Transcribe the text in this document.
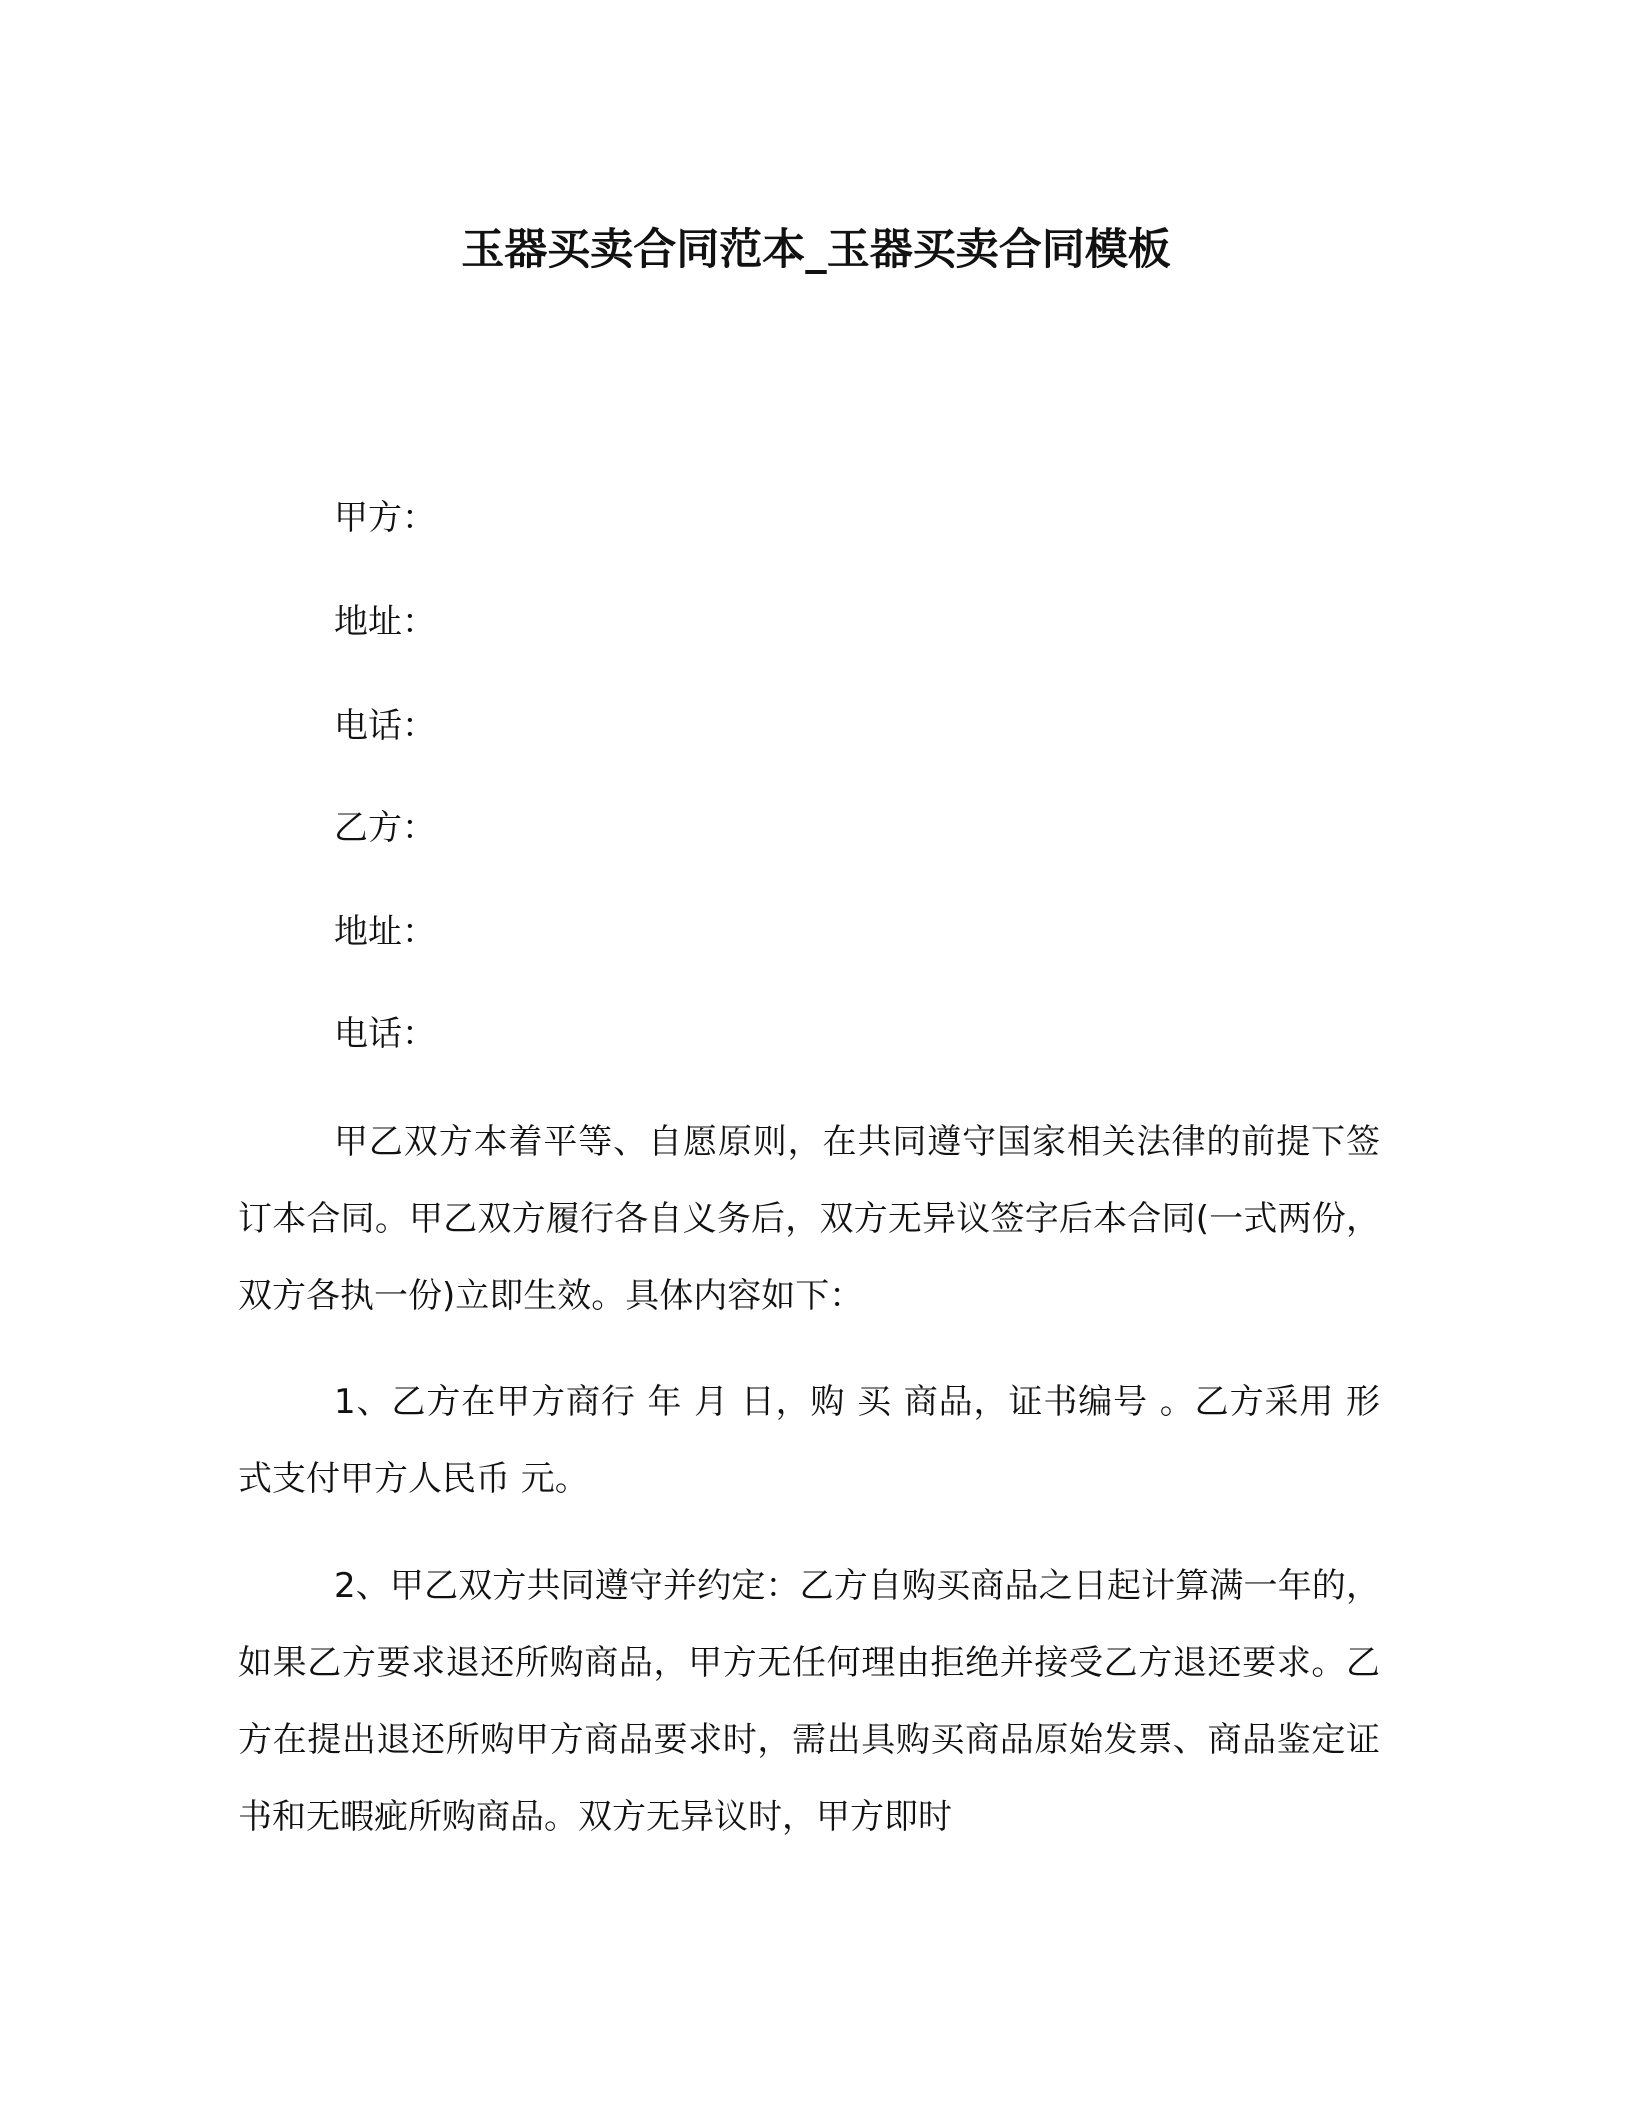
玉器买卖合同范本_玉器买卖合同模板
甲方：
地址：
电话：
乙方：
地址：
电话：
甲乙双方本着平等、自愿原则，在共同遵守国家相关法律的前提下签订本合同。甲乙双方履行各自义务后，双方无异议签字后本合同(一式两份，双方各执一份)立即生效。具体内容如下：
1、乙方在甲方商行 年 月 日，购 买 商品，证书编号 。乙方采用 形式支付甲方人民币 元。
2、甲乙双方共同遵守并约定：乙方自购买商品之日起计算满一年的，如果乙方要求退还所购商品，甲方无任何理由拒绝并接受乙方退还要求。乙方在提出退还所购甲方商品要求时，需出具购买商品原始发票、商品鉴定证书和无暇疵所购商品。双方无异议时，甲方即时
